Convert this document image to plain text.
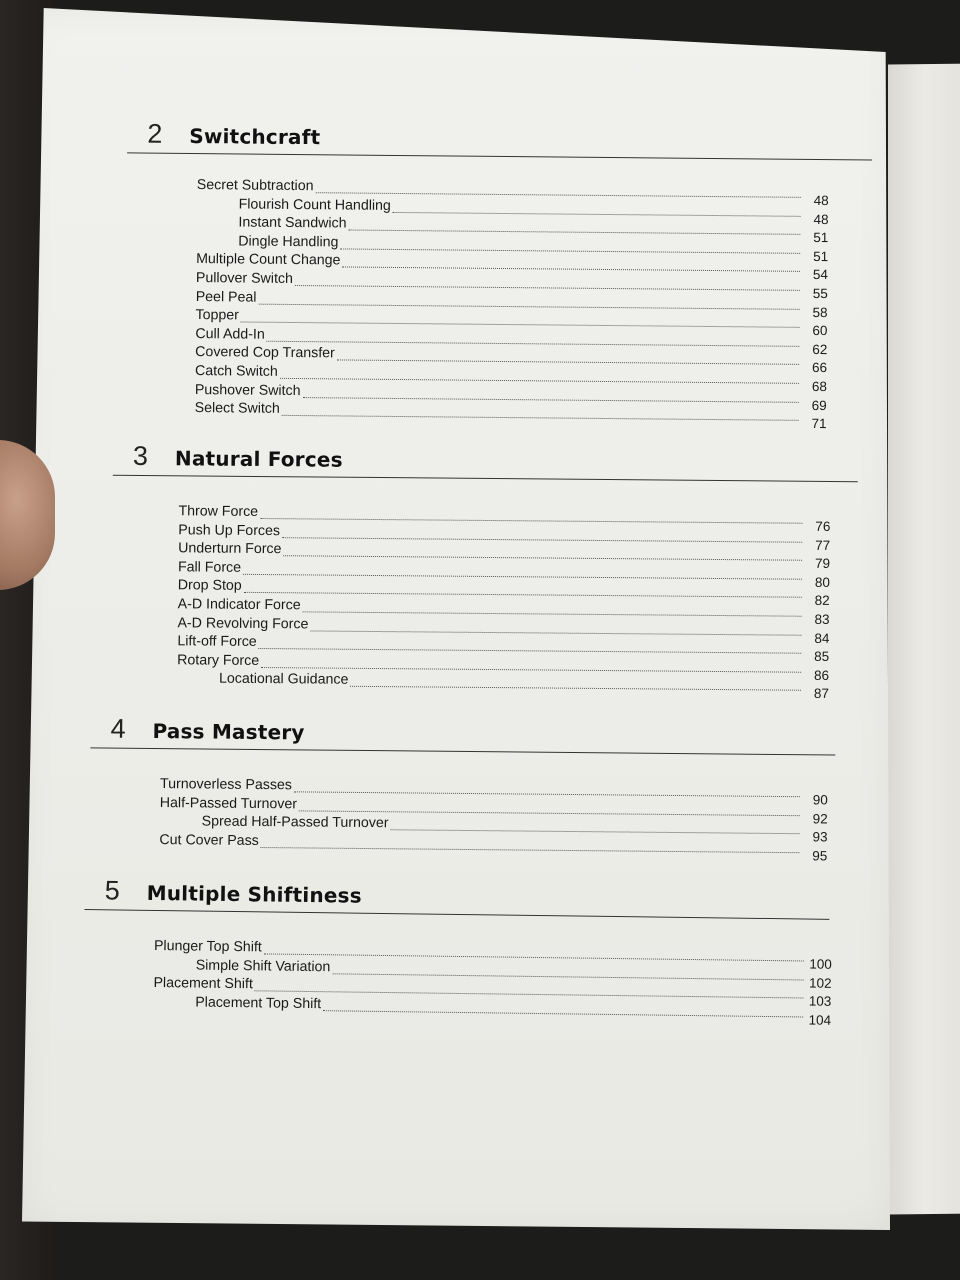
2 Switchcraft
Secret Subtraction
48
Flourish Count Handling
48
Instant Sandwich
51
Dingle Handling
51
Multiple Count Change
54
Pullover Switch
55
Peel Peal
58
Topper
60
Cull Add-In
62
Covered Cop Transfer
66
Catch Switch
68
Pushover Switch
69
Select Switch
71
3 Natural Forces
Throw Force
76
Push Up Forces
77
Underturn Force
79
Fall Force
80
Drop Stop
82
A-D Indicator Force
83
A-D Revolving Force
84
Lift-off Force
85
Rotary Force
86
Locational Guidance
87
4 Pass Mastery
Turnoverless Passes
90
Half-Passed Turnover
92
Spread Half-Passed Turnover
93
Cut Cover Pass
95
5 Multiple Shiftiness
Plunger Top Shift
100
Simple Shift Variation
102
Placement Shift
103
Placement Top Shift
104
